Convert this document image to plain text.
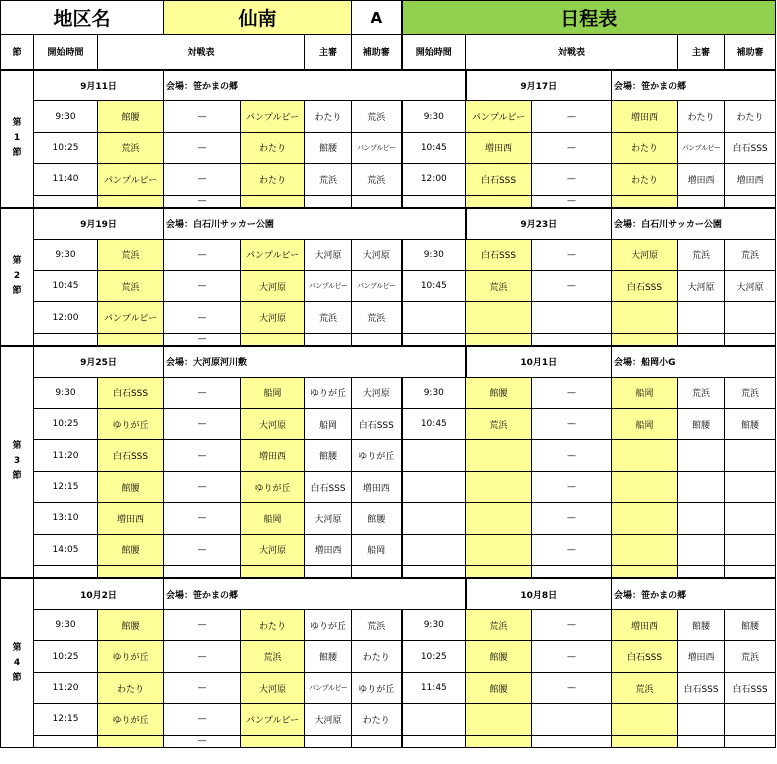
地区名			仙南			A	日程表					
節	開始時間	対戦表			主審	補助審	開始時間	対戦表			主審	補助審

第
1
節	9月11日		会場：笹かまの郷					9月17日		会場：笹かまの郷		
	9:30	館腰	—	パンプルピー	わたり	荒浜	9:30	パンプルピー	—	増田西	わたり	わたり
	10:25	荒浜	—	わたり	館腰	パンプルピー	10:45	増田西	—	わたり	パンプルピー	白石SSS
	11:40	パンプルピー	—	わたり	荒浜	荒浜	12:00	白石SSS	—	わたり	増田西	増田西
			—						—			

第
2
節	9月19日		会場：白石川サッカー公園					9月23日		会場：白石川サッカー公園		
	9:30	荒浜	—	パンプルピー	大河原	大河原	9:30	白石SSS	—	大河原	荒浜	荒浜
	10:45	荒浜	—	大河原	パンプルピー	パンプルピー	10:45	荒浜	—	白石SSS	大河原	大河原
	12:00	パンプルピー	—	大河原	荒浜	荒浜						
			—									

第
3
節	9月25日		会場：大河原河川敷					10月1日		会場：船岡小G		
	9:30	白石SSS	—	船岡	ゆりが丘	大河原	9:30	館腰	—	船岡	荒浜	荒浜
	10:25	ゆりが丘	—	大河原	船岡	白石SSS	10:45	荒浜	—	船岡	館腰	館腰
	11:20	白石SSS	—	増田西	館腰	ゆりが丘			—			
	12:15	館腰	—	ゆりが丘	白石SSS	増田西			—			
	13:10	増田西	—	船岡	大河原	館腰			—			
	14:05	館腰	—	大河原	増田西	船岡			—			

第
4
節	10月2日		会場：笹かまの郷					10月8日		会場：笹かまの郷		
	9:30	館腰	—	わたり	ゆりが丘	荒浜	9:30	荒浜	—	増田西	館腰	館腰
	10:25	ゆりが丘	—	荒浜	館腰	わたり	10:25	館腰	—	白石SSS	増田西	荒浜
	11:20	わたり	—	大河原	パンプルピー	ゆりが丘	11:45	館腰	—	荒浜	白石SSS	白石SSS
	12:15	ゆりが丘	—	パンプルピー	大河原	わたり						
			—									
